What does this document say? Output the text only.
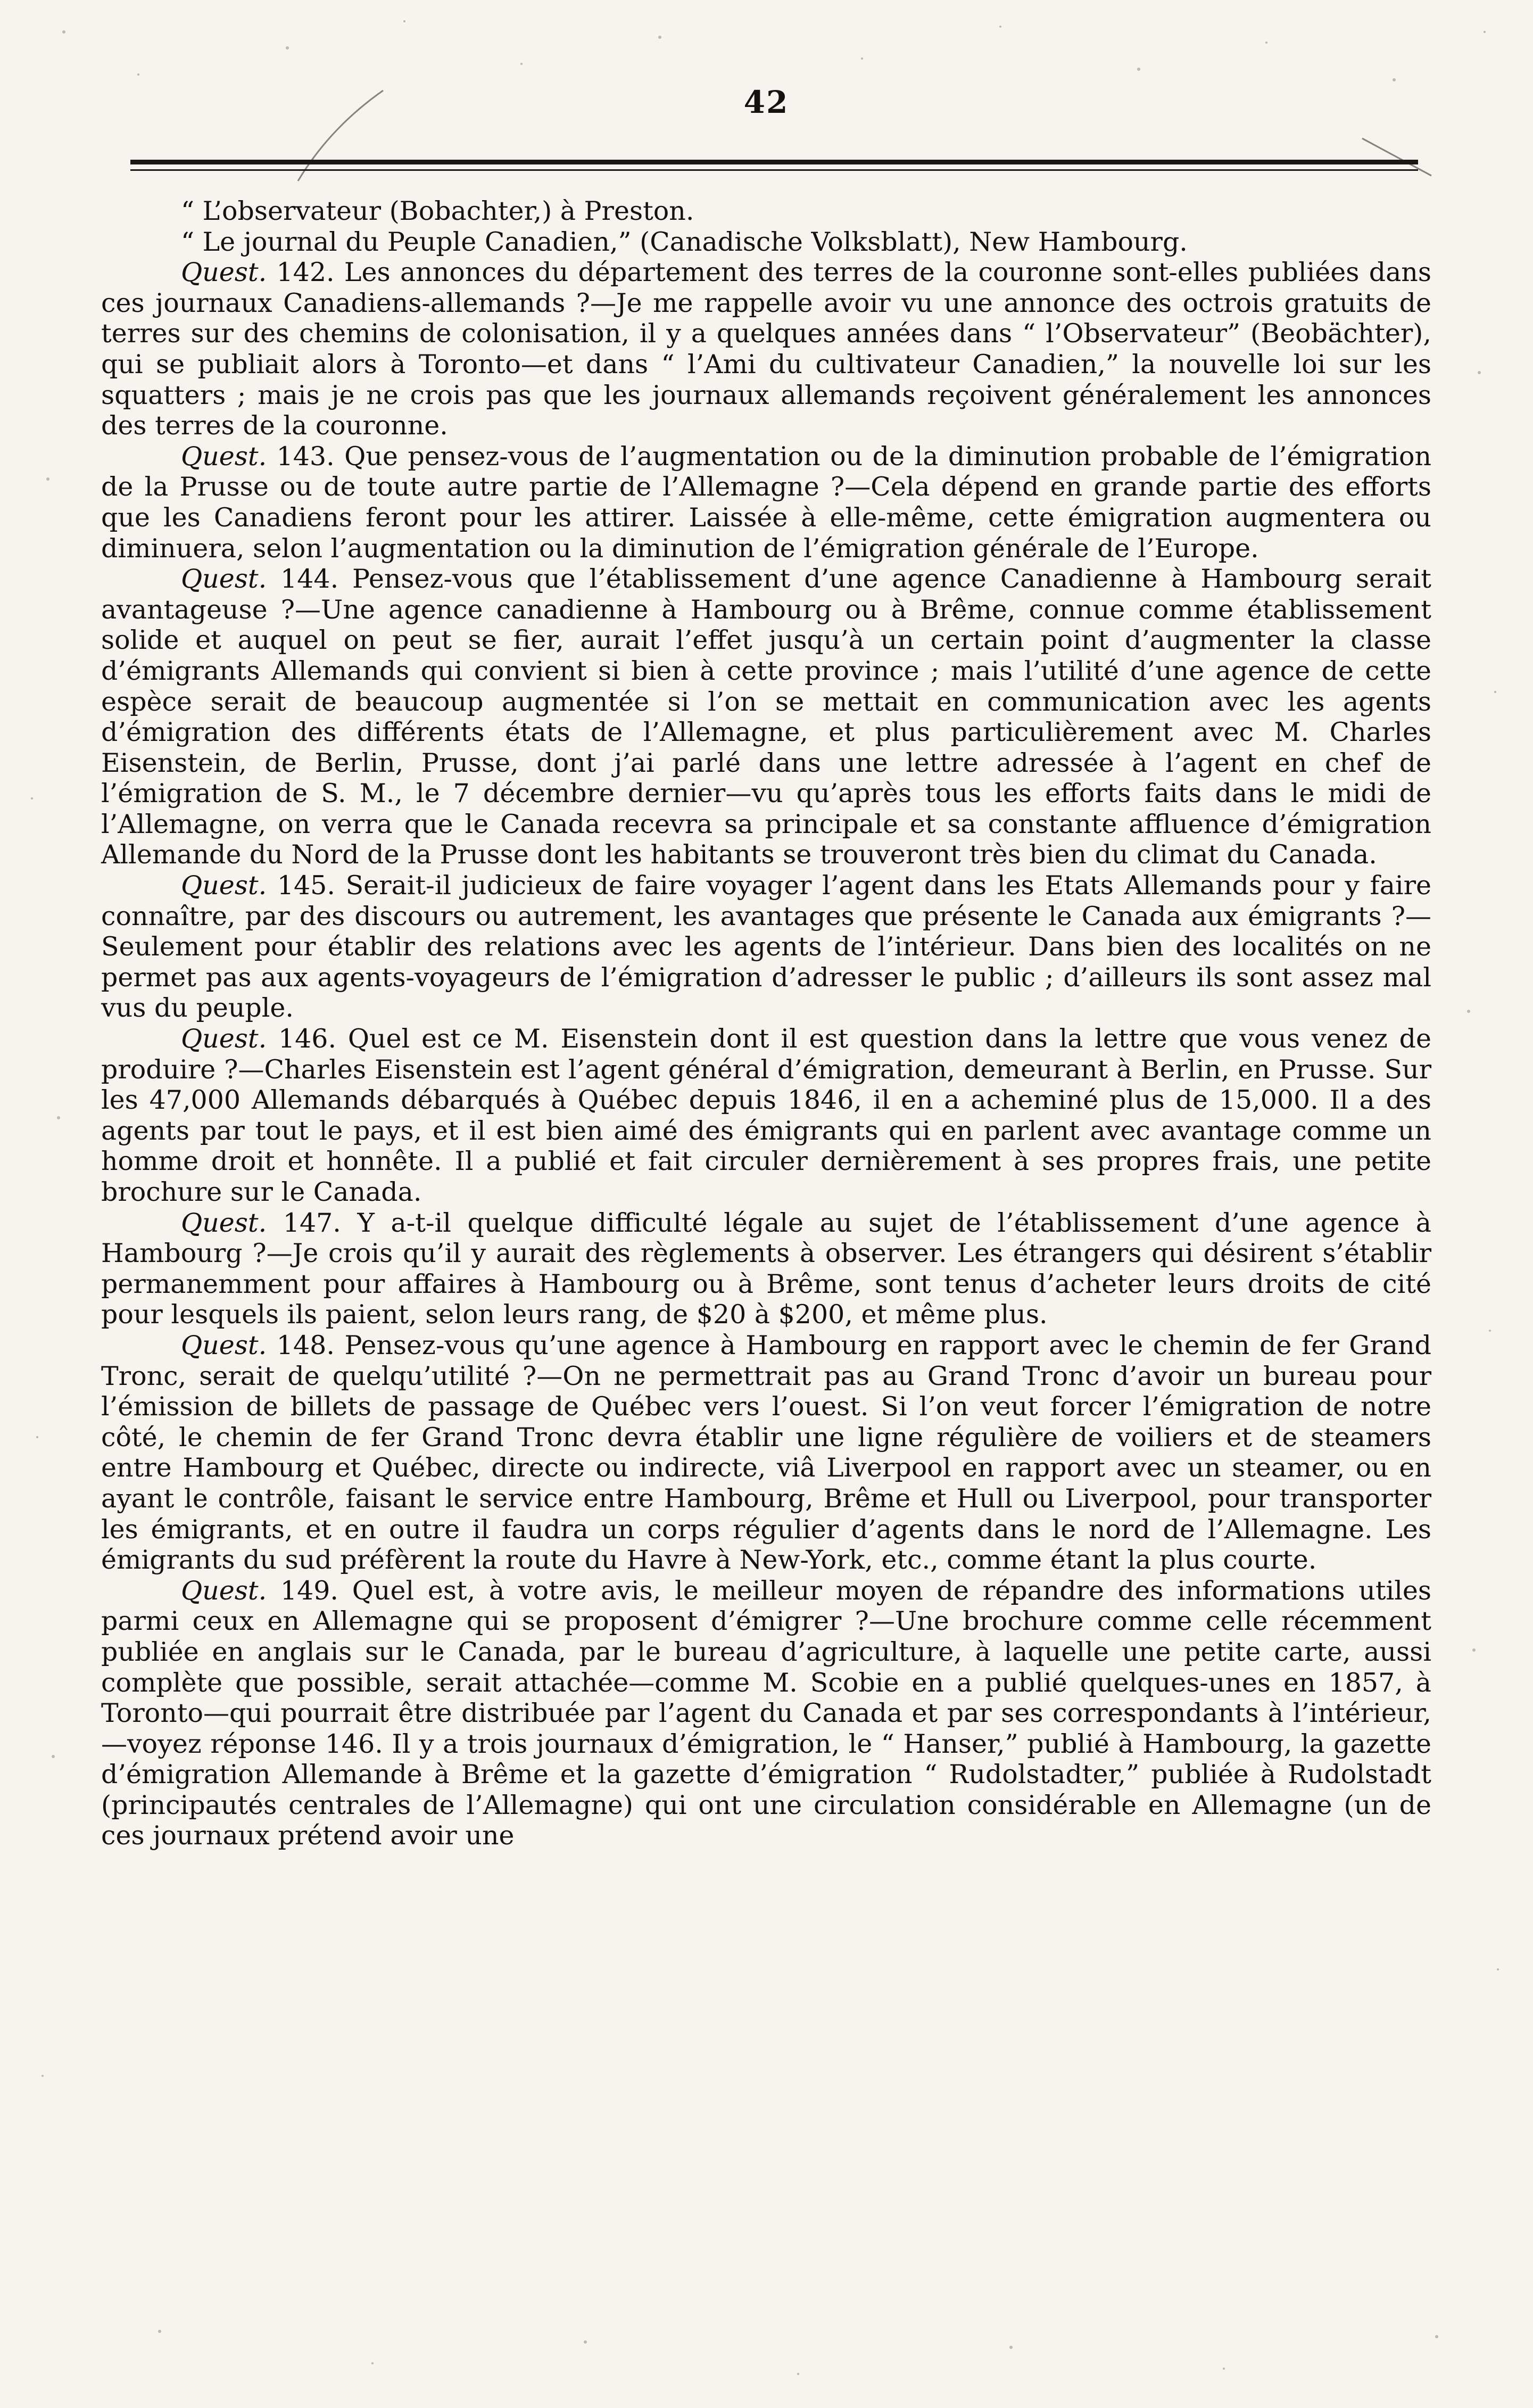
42

“ L’observateur (Bobachter,) à Preston.

“ Le journal du Peuple Canadien,” (Canadische Volksblatt), New Hambourg.

Quest. 142. Les annonces du département des terres de la couronne sont-elles publiées dans ces journaux Canadiens-allemands ?—Je me rappelle avoir vu une annonce des octrois gratuits de terres sur des chemins de colonisation, il y a quelques années dans “ l’Observateur” (Beobächter), qui se publiait alors à Toronto—et dans “ l’Ami du cultivateur Canadien,” la nouvelle loi sur les squatters ; mais je ne crois pas que les journaux allemands reçoivent généralement les annonces des terres de la couronne.

Quest. 143. Que pensez-vous de l’augmentation ou de la diminution probable de l’émigration de la Prusse ou de toute autre partie de l’Allemagne ?—Cela dépend en grande partie des efforts que les Canadiens feront pour les attirer. Laissée à elle-même, cette émigration augmentera ou diminuera, selon l’augmentation ou la diminution de l’émigration générale de l’Europe.

Quest. 144. Pensez-vous que l’établissement d’une agence Canadienne à Hambourg serait avantageuse ?—Une agence canadienne à Hambourg ou à Brême, connue comme établissement solide et auquel on peut se fier, aurait l’effet jusqu’à un certain point d’augmenter la classe d’émigrants Allemands qui convient si bien à cette province ; mais l’utilité d’une agence de cette espèce serait de beaucoup augmentée si l’on se mettait en communication avec les agents d’émigration des différents états de l’Allemagne, et plus particulièrement avec M. Charles Eisenstein, de Berlin, Prusse, dont j’ai parlé dans une lettre adressée à l’agent en chef de l’émigration de S. M., le 7 décembre dernier—vu qu’après tous les efforts faits dans le midi de l’Allemagne, on verra que le Canada recevra sa principale et sa constante affluence d’émigration Allemande du Nord de la Prusse dont les habitants se trouveront très bien du climat du Canada.

Quest. 145. Serait-il judicieux de faire voyager l’agent dans les Etats Allemands pour y faire connaître, par des discours ou autrement, les avantages que présente le Canada aux émigrants ?—Seulement pour établir des relations avec les agents de l’intérieur. Dans bien des localités on ne permet pas aux agents-voyageurs de l’émigration d’adresser le public ; d’ailleurs ils sont assez mal vus du peuple.

Quest. 146. Quel est ce M. Eisenstein dont il est question dans la lettre que vous venez de produire ?—Charles Eisenstein est l’agent général d’émigration, demeurant à Berlin, en Prusse. Sur les 47,000 Allemands débarqués à Québec depuis 1846, il en a acheminé plus de 15,000. Il a des agents par tout le pays, et il est bien aimé des émigrants qui en parlent avec avantage comme un homme droit et honnête. Il a publié et fait circuler dernièrement à ses propres frais, une petite brochure sur le Canada.

Quest. 147. Y a-t-il quelque difficulté légale au sujet de l’établissement d’une agence à Hambourg ?—Je crois qu’il y aurait des règlements à observer. Les étrangers qui désirent s’établir permanemment pour affaires à Hambourg ou à Brême, sont tenus d’acheter leurs droits de cité pour lesquels ils paient, selon leurs rang, de $20 à $200, et même plus.

Quest. 148. Pensez-vous qu’une agence à Hambourg en rapport avec le chemin de fer Grand Tronc, serait de quelqu’utilité ?—On ne permettrait pas au Grand Tronc d’avoir un bureau pour l’émission de billets de passage de Québec vers l’ouest. Si l’on veut forcer l’émigration de notre côté, le chemin de fer Grand Tronc devra établir une ligne régulière de voiliers et de steamers entre Hambourg et Québec, directe ou indirecte, viâ Liverpool en rapport avec un steamer, ou en ayant le contrôle, faisant le service entre Hambourg, Brême et Hull ou Liverpool, pour transporter les émigrants, et en outre il faudra un corps régulier d’agents dans le nord de l’Allemagne. Les émigrants du sud préfèrent la route du Havre à New-York, etc., comme étant la plus courte.

Quest. 149. Quel est, à votre avis, le meilleur moyen de répandre des informations utiles parmi ceux en Allemagne qui se proposent d’émigrer ?—Une brochure comme celle récemment publiée en anglais sur le Canada, par le bureau d’agriculture, à laquelle une petite carte, aussi complète que possible, serait attachée—comme M. Scobie en a publié quelques-unes en 1857, à Toronto—qui pourrait être distribuée par l’agent du Canada et par ses correspondants à l’intérieur,—voyez réponse 146. Il y a trois journaux d’émigration, le “ Hanser,” publié à Hambourg, la gazette d’émigration Allemande à Brême et la gazette d’émigration “ Rudolstadter,” publiée à Rudolstadt (principautés centrales de l’Allemagne) qui ont une circulation considérable en Allemagne (un de ces journaux prétend avoir une
